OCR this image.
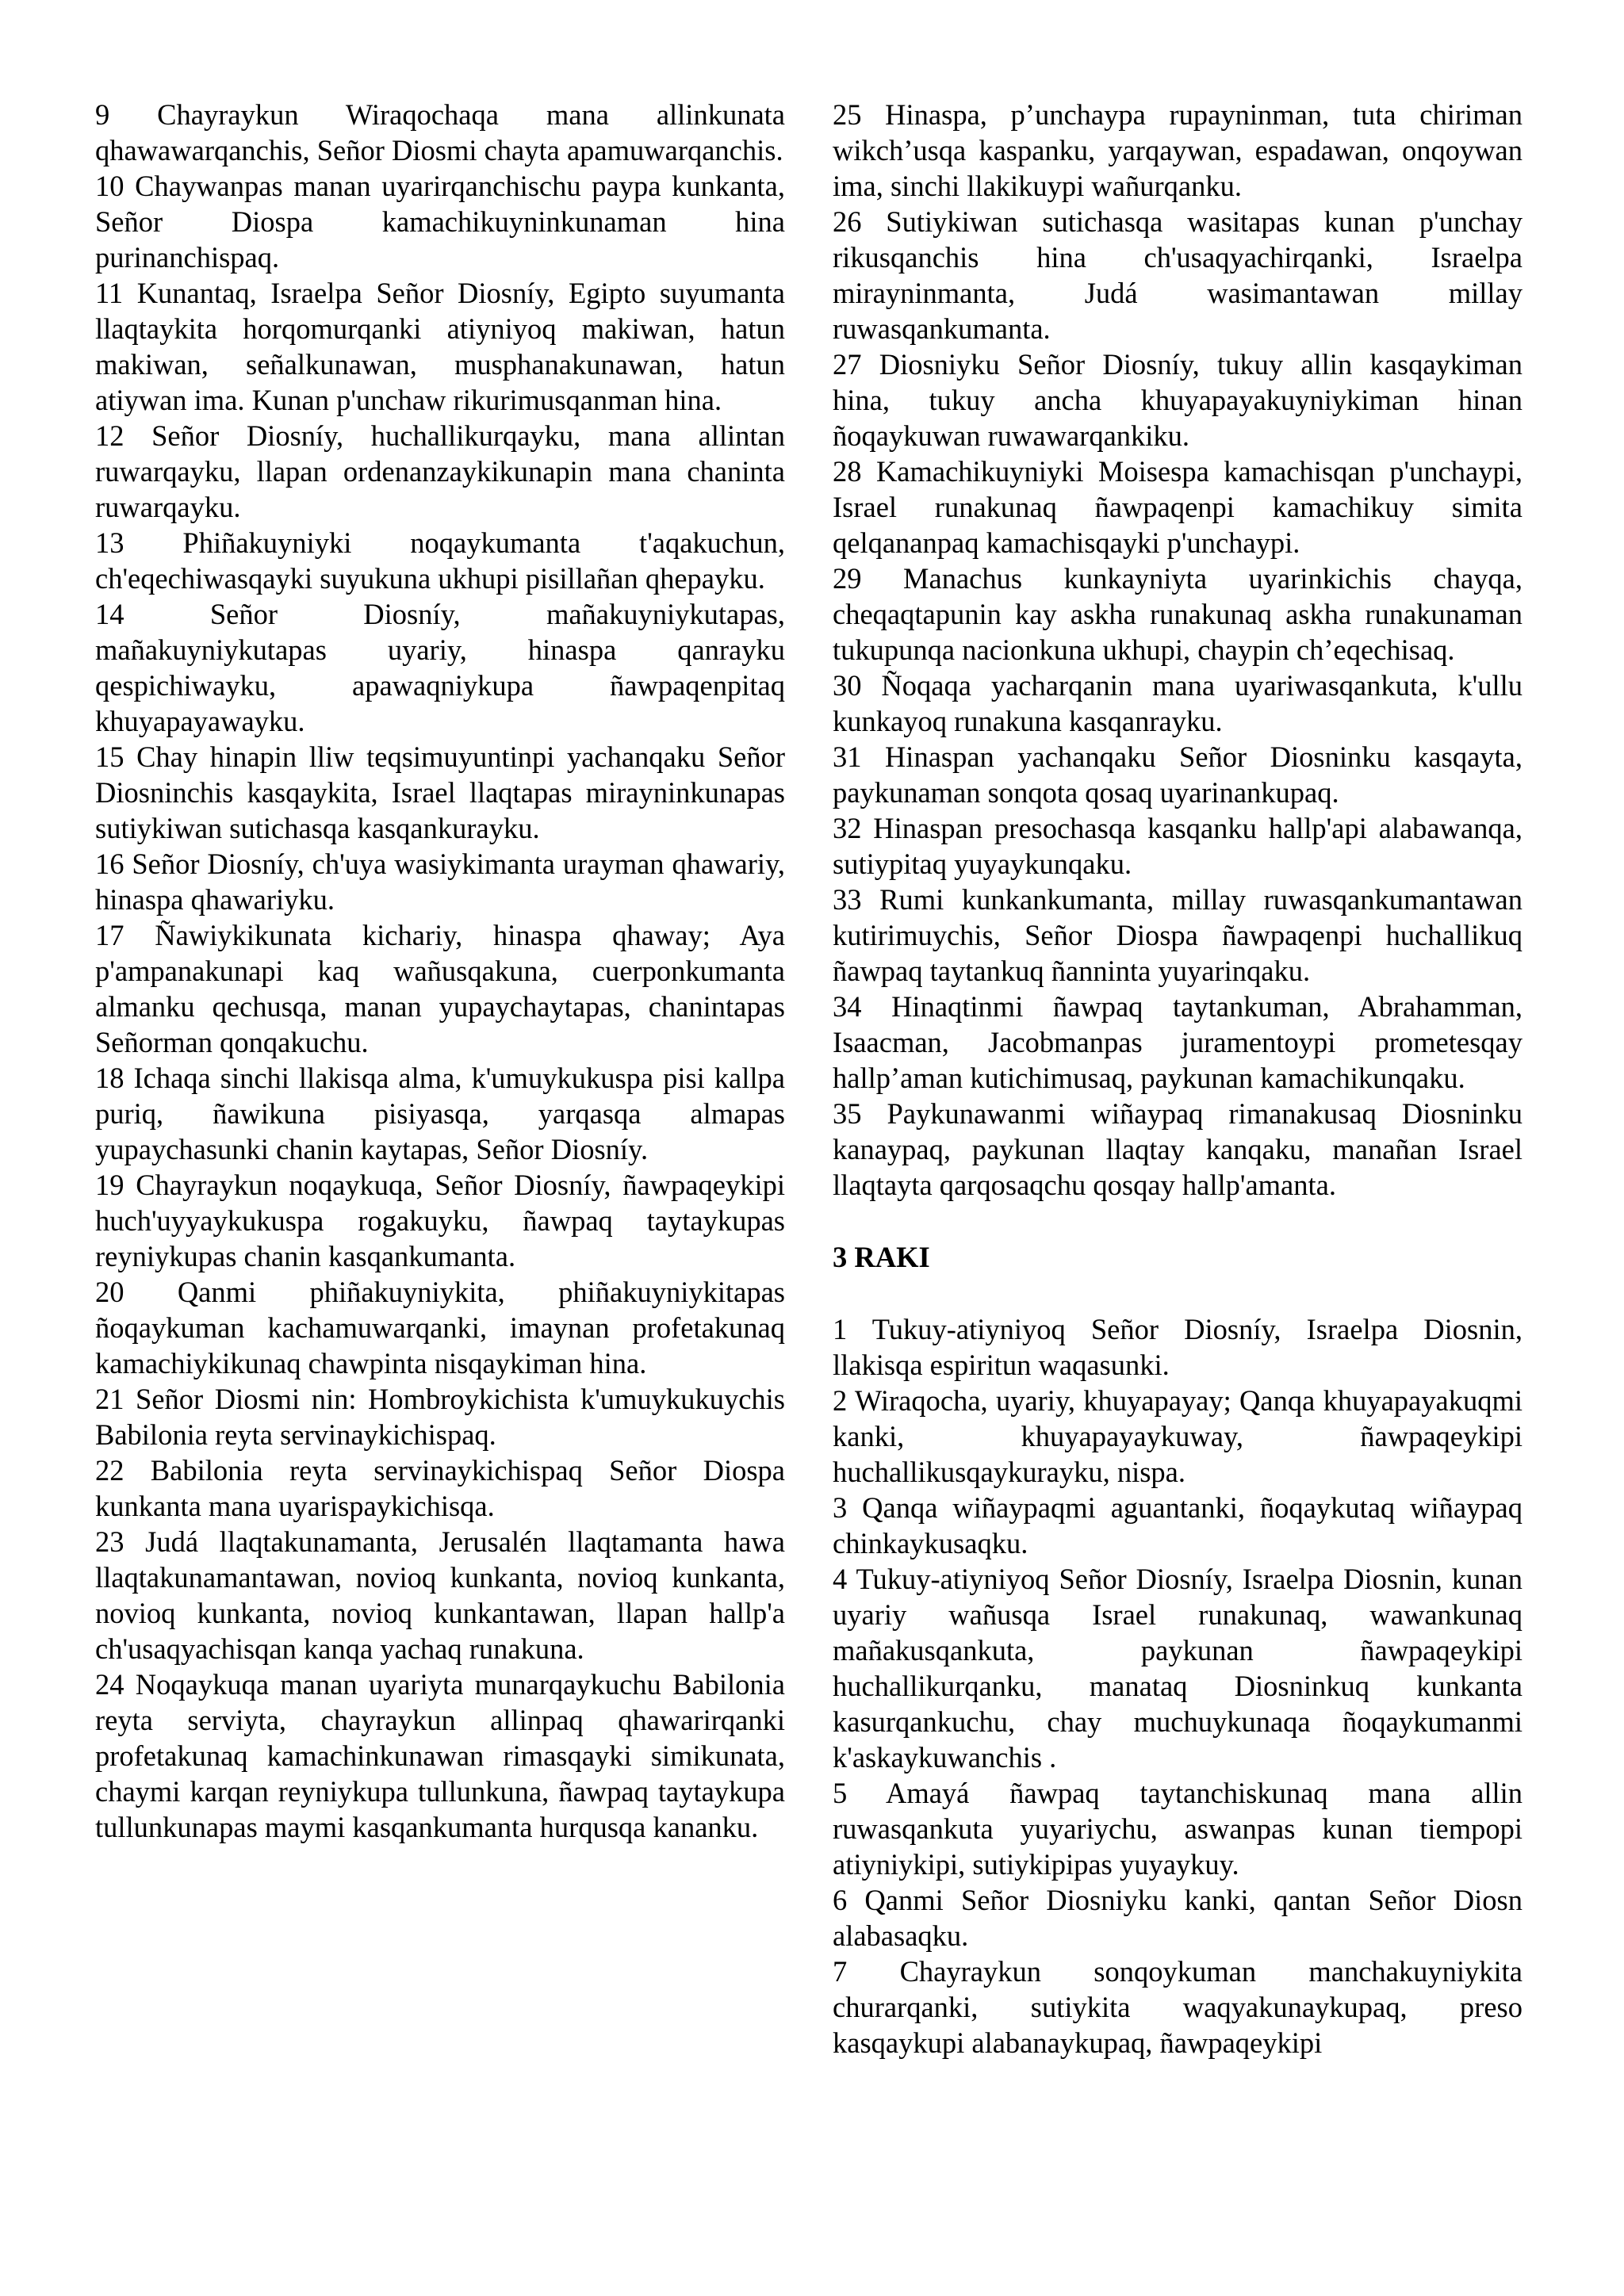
9 Chayraykun Wiraqochaqa mana allinkunata qhawawarqanchis, Señor Diosmi chayta apamuwarqanchis.

10 Chaywanpas manan uyarirqanchischu paypa kunkanta, Señor Diospa kamachikuyninkunaman hina purinanchispaq.

11 Kunantaq, Israelpa Señor Diosníy, Egipto suyumanta llaqtaykita horqomurqanki atiyniyoq makiwan, hatun makiwan, señalkunawan, musphanakunawan, hatun atiywan ima. Kunan p'unchaw rikurimusqanman hina.

12 Señor Diosníy, huchallikurqayku, mana allintan ruwarqayku, llapan ordenanzaykikunapin mana chaninta ruwarqayku.

13 Phiñakuyniyki noqaykumanta t'aqakuchun, ch'eqechiwasqayki suyukuna ukhupi pisillañan qhepayku.

14 Señor Diosníy, mañakuyniykutapas, mañakuyniykutapas uyariy, hinaspa qanrayku qespichiwayku, apawaqniykupa ñawpaqenpitaq khuyapayawayku.

15 Chay hinapin lliw teqsimuyuntinpi yachanqaku Señor Diosninchis kasqaykita, Israel llaqtapas mirayninkunapas sutiykiwan sutichasqa kasqankurayku.

16 Señor Diosníy, ch'uya wasiykimanta urayman qhawariy, hinaspa qhawariyku.

17 Ñawiykikunata kichariy, hinaspa qhaway; Aya p'ampanakunapi kaq wañusqakuna, cuerponkumanta almanku qechusqa, manan yupaychaytapas, chanintapas Señorman qonqakuchu.

18 Ichaqa sinchi llakisqa alma, k'umuykukuspa pisi kallpa puriq, ñawikuna pisiyasqa, yarqasqa almapas yupaychasunki chanin kaytapas, Señor Diosníy.

19 Chayraykun noqaykuqa, Señor Diosníy, ñawpaqeykipi huch'uyyaykukuspa rogakuyku, ñawpaq taytaykupas reyniykupas chanin kasqankumanta.

20 Qanmi phiñakuyniykita, phiñakuyniykitapas ñoqaykuman kachamuwarqanki, imaynan profetakunaq kamachiykikunaq chawpinta nisqaykiman hina.

21 Señor Diosmi nin: Hombroykichista k'umuykukuychis Babilonia reyta servinaykichispaq.

22 Babilonia reyta servinaykichispaq Señor Diospa kunkanta mana uyarispaykichisqa.

23 Judá llaqtakunamanta, Jerusalén llaqtamanta hawa llaqtakunamantawan, novioq kunkanta, novioq kunkanta, novioq kunkanta, novioq kunkantawan, llapan hallp'a ch'usaqyachisqan kanqa yachaq runakuna.

24 Noqaykuqa manan uyariyta munarqaykuchu Babilonia reyta serviyta, chayraykun allinpaq qhawarirqanki profetakunaq kamachinkunawan rimasqayki simikunata, chaymi karqan reyniykupa tullunkuna, ñawpaq taytaykupa tullunkunapas maymi kasqankumanta hurqusqa kananku.

25 Hinaspa, p’unchaypa rupayninman, tuta chiriman wikch’usqa kaspanku, yarqaywan, espadawan, onqoywan ima, sinchi llakikuypi wañurqanku.

26 Sutiykiwan sutichasqa wasitapas kunan p'unchay rikusqanchis hina ch'usaqyachirqanki, Israelpa mirayninmanta, Judá wasimantawan millay ruwasqankumanta.

27 Diosniyku Señor Diosníy, tukuy allin kasqaykiman hina, tukuy ancha khuyapayakuyniykiman hinan ñoqaykuwan ruwawarqankiku.

28 Kamachikuyniyki Moisespa kamachisqan p'unchaypi, Israel runakunaq ñawpaqenpi kamachikuy simita qelqananpaq kamachisqayki p'unchaypi.

29 Manachus kunkayniyta uyarinkichis chayqa, cheqaqtapunin kay askha runakunaq askha runakunaman tukupunqa nacionkuna ukhupi, chaypin ch’eqechisaq.

30 Ñoqaqa yacharqanin mana uyariwasqankuta, k'ullu kunkayoq runakuna kasqanrayku.

31 Hinaspan yachanqaku Señor Diosninku kasqayta, paykunaman sonqota qosaq uyarinankupaq.

32 Hinaspan presochasqa kasqanku hallp'api alabawanqa, sutiypitaq yuyaykunqaku.

33 Rumi kunkankumanta, millay ruwasqankumantawan kutirimuychis, Señor Diospa ñawpaqenpi huchallikuq ñawpaq taytankuq ñanninta yuyarinqaku.

34 Hinaqtinmi ñawpaq taytankuman, Abrahamman, Isaacman, Jacobmanpas juramentoypi prometesqay hallp’aman kutichimusaq, paykunan kamachikunqaku.

35 Paykunawanmi wiñaypaq rimanakusaq Diosninku kanaypaq, paykunan llaqtay kanqaku, manañan Israel llaqtayta qarqosaqchu qosqay hallp'amanta.

3 RAKI

1 Tukuy-atiyniyoq Señor Diosníy, Israelpa Diosnin, llakisqa espiritun waqasunki.

2 Wiraqocha, uyariy, khuyapayay; Qanqa khuyapayakuqmi kanki, khuyapayaykuway, ñawpaqeykipi huchallikusqaykurayku, nispa.

3 Qanqa wiñaypaqmi aguantanki, ñoqaykutaq wiñaypaq chinkaykusaqku.

4 Tukuy-atiyniyoq Señor Diosníy, Israelpa Diosnin, kunan uyariy wañusqa Israel runakunaq, wawankunaq mañakusqankuta, paykunan ñawpaqeykipi huchallikurqanku, manataq Diosninkuq kunkanta kasurqankuchu, chay muchuykunaqa ñoqaykumanmi k'askaykuwanchis .

5 Amayá ñawpaq taytanchiskunaq mana allin ruwasqankuta yuyariychu, aswanpas kunan tiempopi atiyniykipi, sutiykipipas yuyaykuy.

6 Qanmi Señor Diosniyku kanki, qantan Señor Diosn alabasaqku.

7 Chayraykun sonqoykuman manchakuyniykita churarqanki, sutiykita waqyakunaykupaq, preso kasqaykupi alabanaykupaq, ñawpaqeykipi
